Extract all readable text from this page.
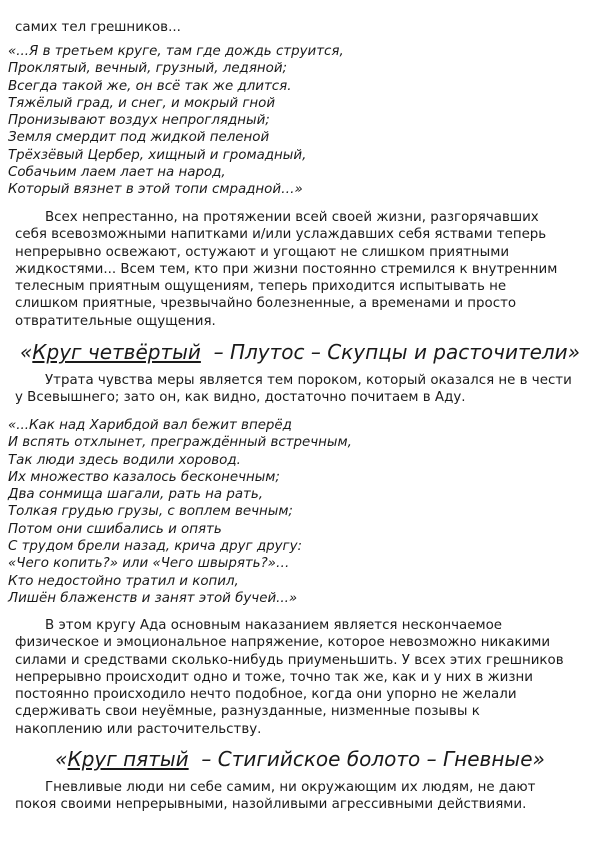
самих тел грешников...
«...Я в третьем круге, там где дождь струится,
Проклятый, вечный, грузный, ледяной;
Всегда такой же, он всё так же длится.
Тяжёлый град, и снег, и мокрый гной
Пронизывают воздух непроглядный;
Земля смердит под жидкой пеленой
Трёхзёвый Цербер, хищный и громадный,
Собачьим лаем лает на народ,
Который вязнет в этой топи смрадной…»
Всех непрестанно, на протяжении всей своей жизни, разгорячавших
себя всевозможными напитками и/или услаждавших себя яствами теперь
непрерывно освежают, остужают и угощают не слишком приятными
жидкостями... Всем тем, кто при жизни постоянно стремился к внутренним
телесным приятным ощущениям, теперь приходится испытывать не
слишком приятные, чрезвычайно болезненные, а временами и просто
отвратительные ощущения.
«Круг четвёртый  – Плутос – Скупцы и расточители»
Утрата чувства меры является тем пороком, который оказался не в чести
у Всевышнего; зато он, как видно, достаточно почитаем в Аду.
«...Как над Харибдой вал бежит вперёд
И вспять отхлынет, преграждённый встречным,
Так люди здесь водили хоровод.
Их множество казалось бесконечным;
Два сонмища шагали, рать на рать,
Толкая грудью грузы, с воплем вечным;
Потом они сшибались и опять
С трудом брели назад, крича друг другу:
«Чего копить?» или «Чего швырять?»…
Кто недостойно тратил и копил,
Лишён блаженств и занят этой бучей...»
В этом кругу Ада основным наказанием является нескончаемое
физическое и эмоциональное напряжение, которое невозможно никакими
силами и средствами сколько-нибудь приуменьшить. У всех этих грешников
непрерывно происходит одно и тоже, точно так же, как и у них в жизни
постоянно происходило нечто подобное, когда они упорно не желали
сдерживать свои неуёмные, разнузданные, низменные позывы к
накоплению или расточительству.
«Круг пятый  – Стигийское болото – Гневные»
Гневливые люди ни себе самим, ни окружающим их людям, не дают
покоя своими непрерывными, назойливыми агрессивными действиями.
